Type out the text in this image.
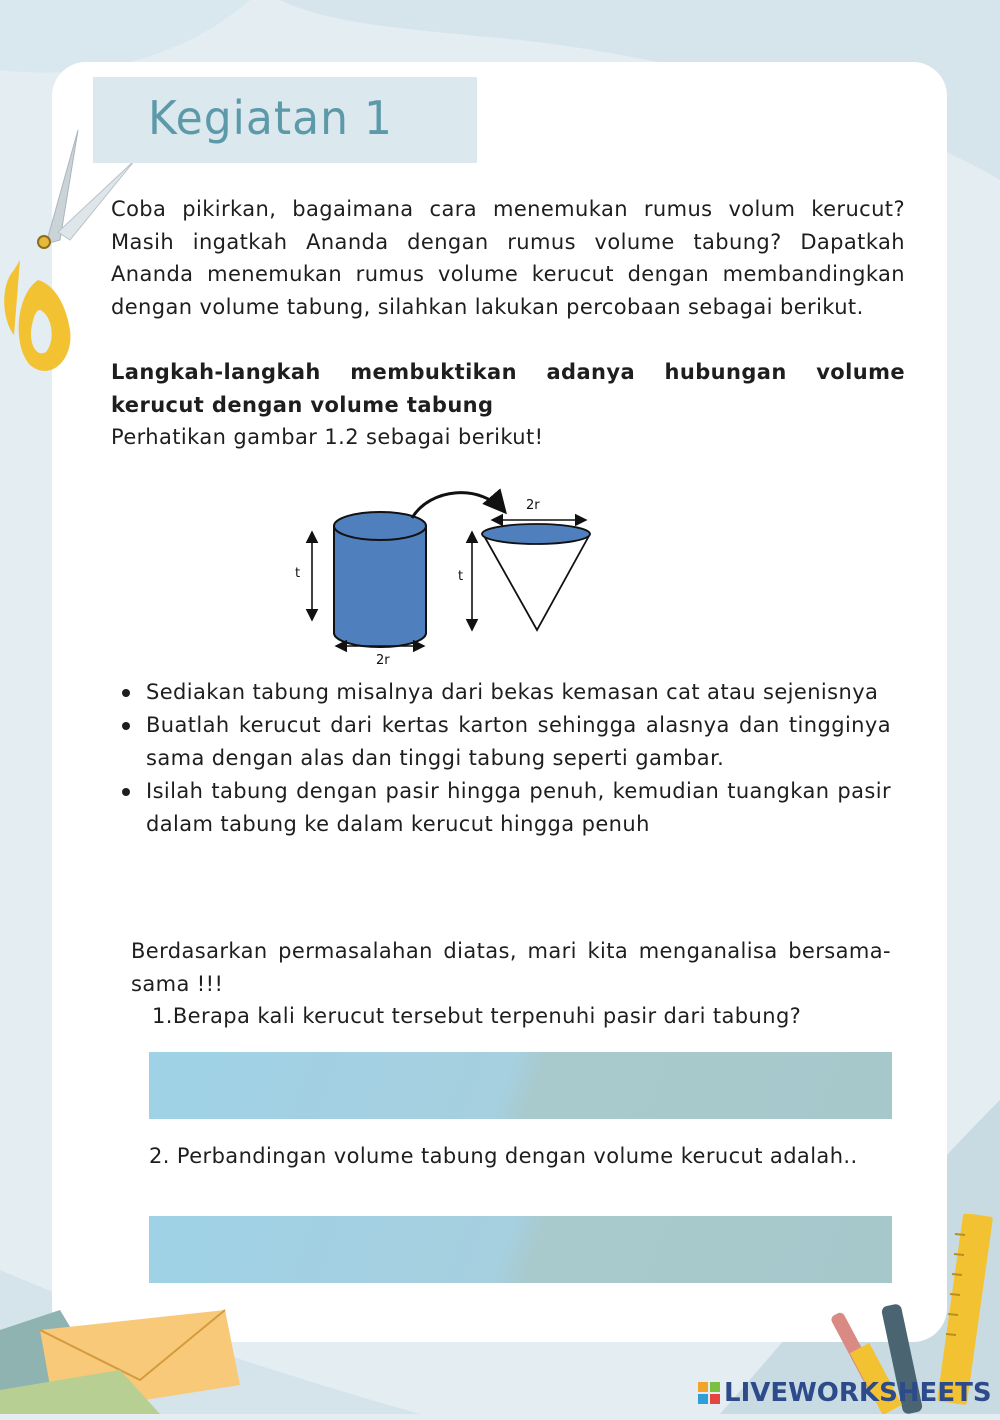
Kegiatan 1

Coba pikirkan, bagaimana cara menemukan rumus volum kerucut? Masih ingatkah Ananda dengan rumus volume tabung? Dapatkah Ananda menemukan rumus volume kerucut dengan membandingkan dengan volume tabung, silahkan lakukan percobaan sebagai berikut.

Langkah-langkah membuktikan adanya hubungan volume kerucut dengan volume tabung

Perhatikan gambar 1.2 sebagai berikut!

t	t
2r
2r
Sediakan tabung misalnya dari bekas kemasan cat atau sejenisnya
Buatlah kerucut dari kertas karton sehingga alasnya dan tingginya sama dengan alas dan tinggi tabung seperti gambar.
Isilah tabung dengan pasir hingga penuh, kemudian tuangkan pasir dalam tabung ke dalam kerucut hingga penuh

Berdasarkan permasalahan diatas, mari kita menganalisa bersama-sama !!!

1.Berapa kali kerucut tersebut terpenuhi pasir dari tabung?

2. Perbandingan volume tabung dengan volume kerucut adalah..

LIVEWORKSHEETS
